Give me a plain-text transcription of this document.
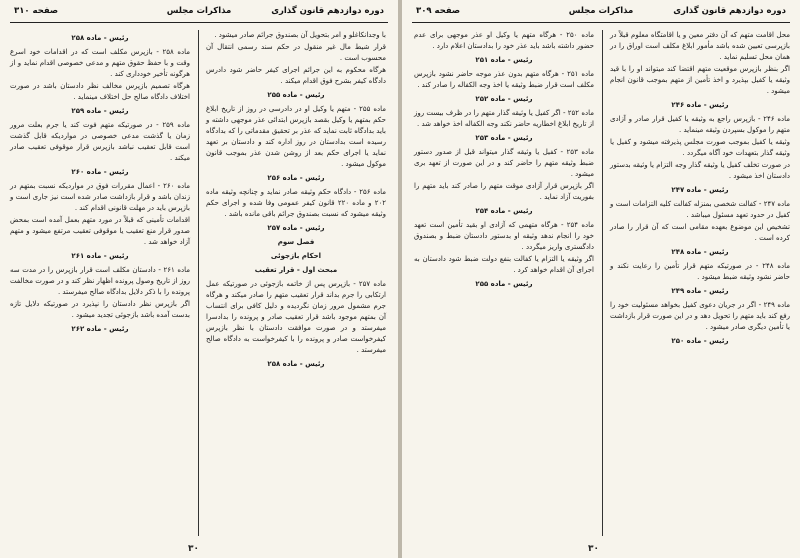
دوره دوازدهم قانون گذاری
مذاکرات مجلس
صفحه ۳۱۰

با وجدانکاغلو و امر بتحویل آن بصندوق جرائم صادر میشود .

قرار شیط مال غیر منقول در حکم سند رسمی انتقال آن محسوب است .

هرگاه محکوم به این جرائم اجرای کیفر حاضر شود دادرس دادگاه کیفر بشرح فوق اقدام میکند .

رئیس - ماده ۲۵۵

ماده ۲۵۵ - متهم یا وکیل او در دادرسی در روز از تاریخ ابلاغ حکم بمتهم یا وکیل بقصد بازپرس ابتدائی عذر موجهی داشته و باید بدادگاه ثابت نماید که عذر بر تحقیق مقدماتی را که بدادگاه رسیده است بدادستان در روز اداره کند و دادستان بر تعهد نماید یا اجرای حکم بعد از روشن شدن عذر بموجب قانون موکول میشود .

رئیس - ماده ۲۵۶

ماده ۲۵۶ - دادگاه حکم وثیقه صادر نماید و چنانچه وثیقه ماده ۲۰۲ و ماده ۲۲۰ قانون کیفر عمومی وفا شده و اجرای حکم وثیقه میشود که نسبت بصندوق جرائم باقی مانده باشد .

رئیس - ماده ۲۵۷

فصل سوم

احکام بازجوئی

مبحث اول - قرار تعقیب

ماده ۲۵۷ - بازپرس پس از خاتمه بازجوئی در صورتیکه عمل ارتکابی را جرم بداند قرار تعقیب متهم را صادر میکند و هرگاه جرم مشمول مرور زمان نگردیده و دلیل کافی برای انتساب آن بمتهم موجود باشد قرار تعقیب صادر و پرونده را بدادسرا میفرستد و در صورت موافقت دادستان با نظر بازپرس کیفرخواست صادر و پرونده را با کیفرخواست به دادگاه صالح میفرستد .

رئیس - ماده ۲۵۸

رئیس - ماده ۲۵۸

ماده ۲۵۸ - بازپرس مکلف است که در اقدامات خود اسرع وقت و با حفظ حقوق متهم و مدعی خصوصی اقدام نماید و از هرگونه تأخیر خودداری کند .

هرگاه تصمیم بازپرس مخالف نظر دادستان باشد در صورت اختلاف دادگاه صالح حل اختلاف مینماید .

رئیس - ماده ۲۵۹

ماده ۲۵۹ - در صورتیکه متهم فوت کند یا جرم بعلت مرور زمان یا گذشت مدعی خصوصی در مواردیکه قابل گذشت است قابل تعقیب نباشد بازپرس قرار موقوفی تعقیب صادر میکند .

رئیس - ماده ۲۶۰

ماده ۲۶۰ - اعمال مقررات فوق در مواردیکه نسبت بمتهم در زندان باشد و قرار بازداشت صادر شده است نیز جاری است و بازپرس باید در مهلت قانونی اقدام کند .

اقدامات تأمینی که قبلاً در مورد متهم بعمل آمده است بمحض صدور قرار منع تعقیب یا موقوفی تعقیب مرتفع میشود و متهم آزاد خواهد شد .

رئیس - ماده ۲۶۱

ماده ۲۶۱ - دادستان مکلف است قرار بازپرس را در مدت سه روز از تاریخ وصول پرونده اظهار نظر کند و در صورت مخالفت پرونده را با ذکر دلایل بدادگاه صالح میفرستد .

اگر بازپرس نظر دادستان را نپذیرد در صورتیکه دلایل تازه بدست آمده باشد بازجوئی تجدید میشود .

رئیس - ماده ۲۶۲

۳۰
دوره دوازدهم قانون گذاری
مذاکرات مجلس
صفحه ۳۰۹

محل اقامت متهم که آن دفتر معین و یا اقامتگاه معلوم قبلاً در بازپرسی تعیین شده باشد مأمور ابلاغ مکلف است اوراق را در همان محل تسلیم نماید .

اگر بنظر بازپرس موقعیت متهم اقتضا کند میتواند او را با قید وثیقه یا کفیل بپذیرد و اخذ تأمین از متهم بموجب قانون انجام میشود .

رئیس - ماده ۲۴۶

ماده ۲۴۶ - بازپرس راجع به وثیقه یا کفیل قرار صادر و آزادی متهم را موکول بسپردن وثیقه مینماید .

وثیقه یا کفیل بموجب صورت مجلس پذیرفته میشود و کفیل یا وثیقه گذار بتعهدات خود آگاه میگردد .

در صورت تخلف کفیل یا وثیقه گذار وجه التزام یا وثیقه بدستور دادستان اخذ میشود .

رئیس - ماده ۲۴۷

ماده ۲۴۷ - کفالت شخصی بمنزله کفالت کلیه التزامات است و کفیل در حدود تعهد مسئول میباشد .

تشخیص این موضوع بعهده مقامی است که آن قرار را صادر کرده است .

رئیس - ماده ۲۴۸

ماده ۲۴۸ - در صورتیکه متهم قرار تأمین را رعایت نکند و حاضر نشود وثیقه ضبط میشود .

رئیس - ماده ۲۴۹

ماده ۲۴۹ - اگر در جریان دعوی کفیل بخواهد مسئولیت خود را رفع کند باید متهم را تحویل دهد و در این صورت قرار بازداشت یا تأمین دیگری صادر میشود .

رئیس - ماده ۲۵۰

ماده ۲۵۰ - هرگاه متهم یا وکیل او عذر موجهی برای عدم حضور داشته باشد باید عذر خود را بدادستان اعلام دارد .

رئیس - ماده ۲۵۱

ماده ۲۵۱ - هرگاه متهم بدون عذر موجه حاضر نشود بازپرس مکلف است قرار ضبط وثیقه یا اخذ وجه الکفاله را صادر کند .

رئیس - ماده ۲۵۲

ماده ۲۵۲ - اگر کفیل یا وثیقه گذار متهم را در ظرف بیست روز از تاریخ ابلاغ اخطاریه حاضر نکند وجه الکفاله اخذ خواهد شد .

رئیس - ماده ۲۵۳

ماده ۲۵۳ - کفیل یا وثیقه گذار میتواند قبل از صدور دستور ضبط وثیقه متهم را حاضر کند و در این صورت از تعهد بری میشود .

اگر بازپرس قرار آزادی موقت متهم را صادر کند باید متهم را بفوریت آزاد نماید .

رئیس - ماده ۲۵۴

ماده ۲۵۴ - هرگاه متهمی که آزادی او بقید تأمین است تعهد خود را انجام ندهد وثیقه او بدستور دادستان ضبط و بصندوق دادگستری واریز میگردد .

اگر وثیقه یا التزام یا کفالت بنفع دولت ضبط شود دادستان به اجرای آن اقدام خواهد کرد .

رئیس - ماده ۲۵۵

۳۰
